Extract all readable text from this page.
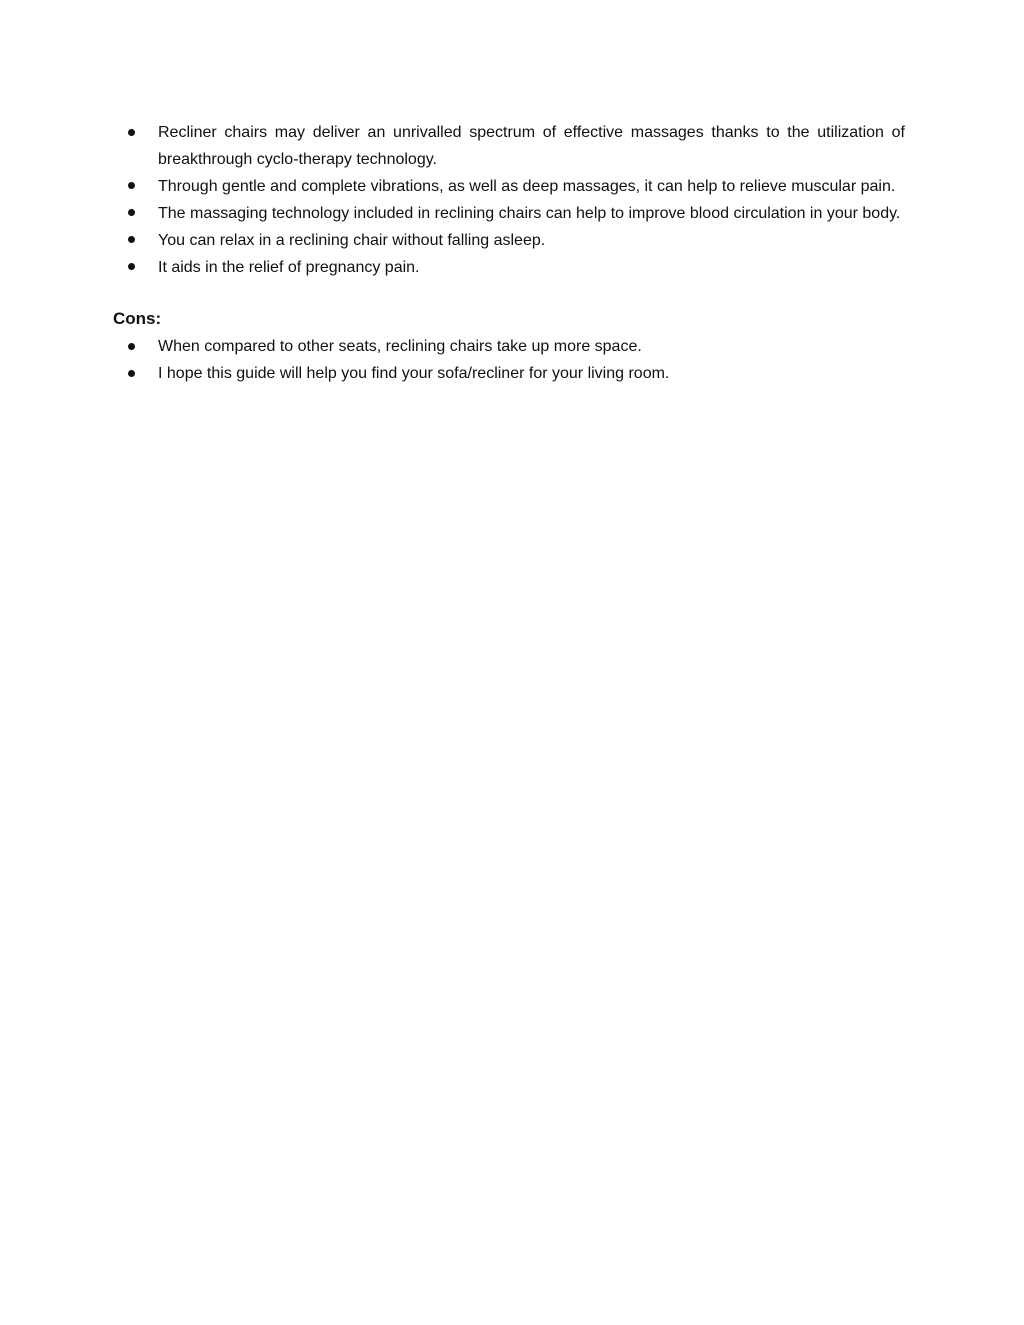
Recliner chairs may deliver an unrivalled spectrum of effective massages thanks to the utilization of breakthrough cyclo-therapy technology.
Through gentle and complete vibrations, as well as deep massages, it can help to relieve muscular pain.
The massaging technology included in reclining chairs can help to improve blood circulation in your body.
You can relax in a reclining chair without falling asleep.
It aids in the relief of pregnancy pain.
Cons:
When compared to other seats, reclining chairs take up more space.
I hope this guide will help you find your sofa/recliner for your living room.
